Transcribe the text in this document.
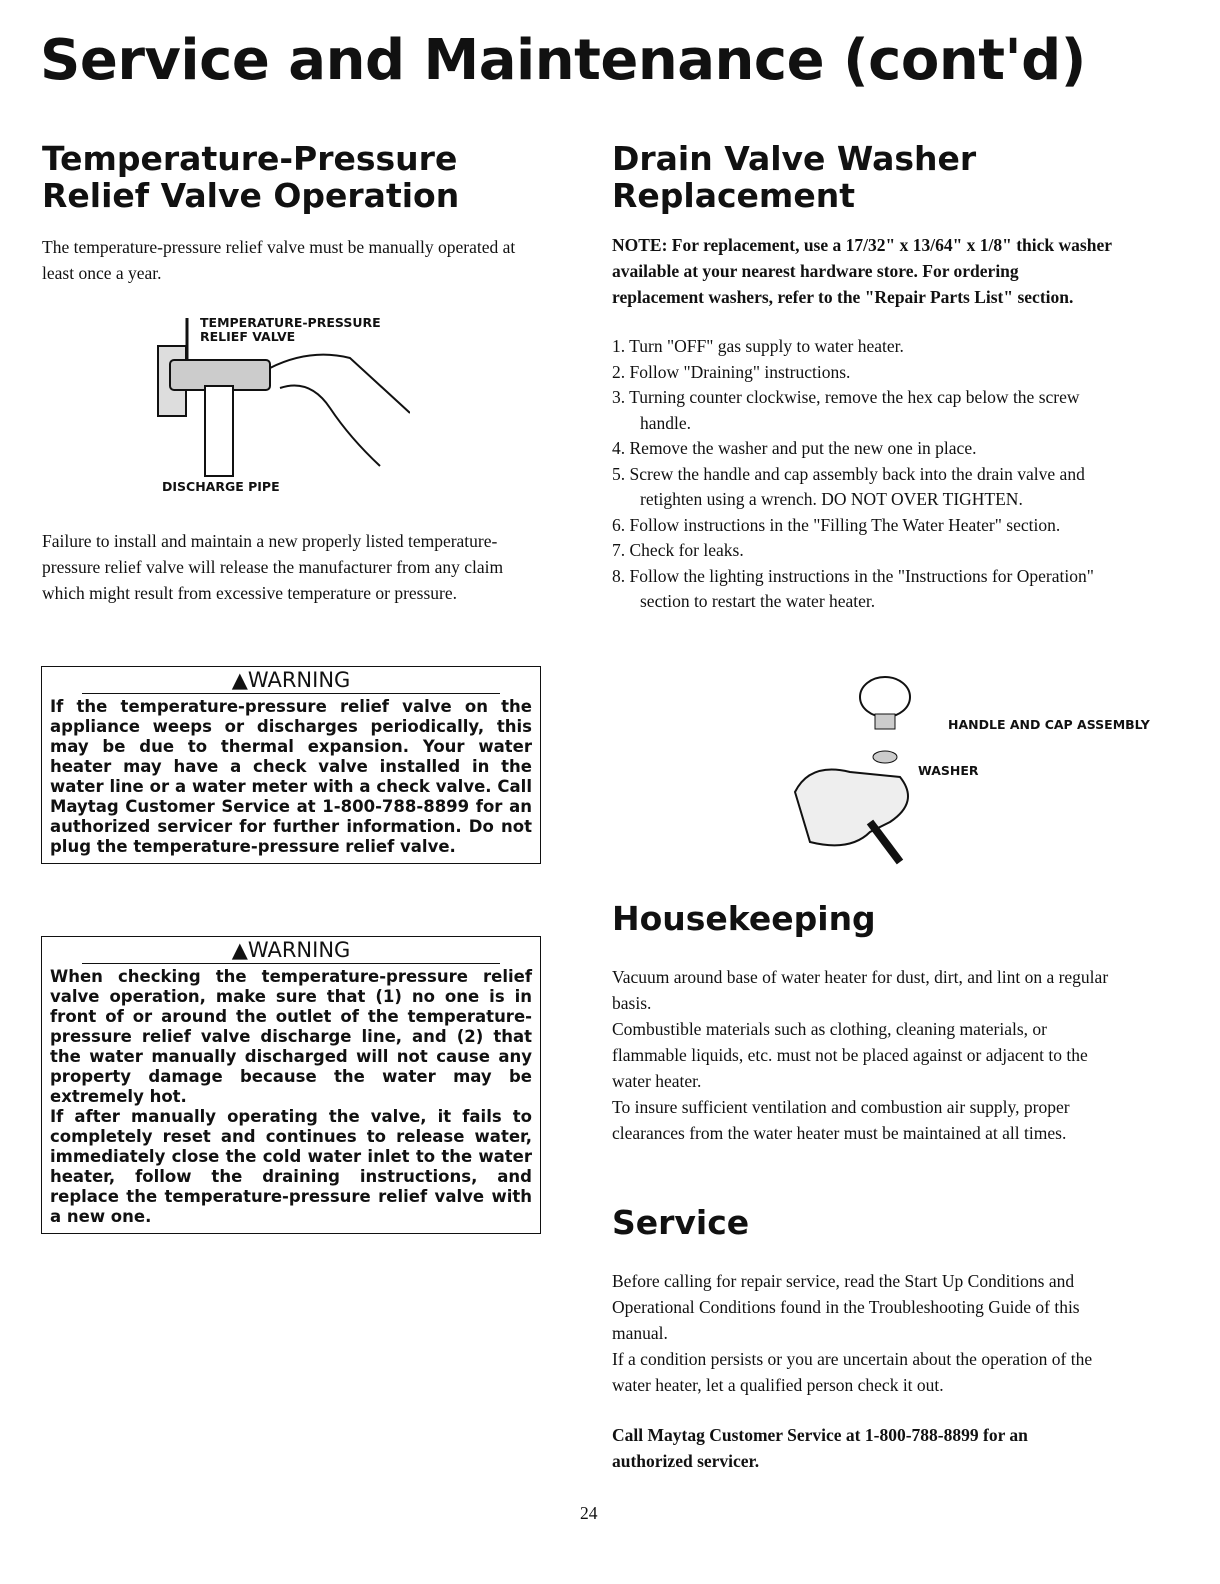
Service and Maintenance (cont'd)
Temperature-Pressure Relief Valve Operation

The temperature-pressure relief valve must be manually operated at least once a year.

TEMPERATURE-PRESSURE RELIEF VALVE
DISCHARGE PIPE

Failure to install and maintain a new properly listed temperature-pressure relief valve will release the manufacturer from any claim which might result from excessive temperature or pressure.

▲WARNING
If the temperature-pressure relief valve on the appliance weeps or discharges periodically, this may be due to thermal expansion. Your water heater may have a check valve installed in the water line or a water meter with a check valve. Call Maytag Customer Service at 1-800-788-8899 for an authorized servicer for further information. Do not plug the temperature-pressure relief valve.
▲WARNING
When checking the temperature-pressure relief valve operation, make sure that (1) no one is in front of or around the outlet of the temperature-pressure relief valve discharge line, and (2) that the water manually discharged will not cause any property damage because the water may be extremely hot.
If after manually operating the valve, it fails to completely reset and continues to release water, immediately close the cold water inlet to the water heater, follow the draining instructions, and replace the temperature-pressure relief valve with a new one.
Drain Valve Washer Replacement

NOTE: For replacement, use a 17/32" x 13/64" x 1/8" thick washer available at your nearest hardware store. For ordering replacement washers, refer to the "Repair Parts List" section.

1. Turn "OFF" gas supply to water heater.
2. Follow "Draining" instructions.
3. Turning counter clockwise, remove the hex cap below the screw handle.
4. Remove the washer and put the new one in place.
5. Screw the handle and cap assembly back into the drain valve and retighten using a wrench. DO NOT OVER TIGHTEN.
6. Follow instructions in the "Filling The Water Heater" section.
7. Check for leaks.
8. Follow the lighting instructions in the "Instructions for Operation" section to restart the water heater.
HANDLE AND CAP ASSEMBLY
WASHER
Housekeeping

Vacuum around base of water heater for dust, dirt, and lint on a regular basis.

Combustible materials such as clothing, cleaning materials, or flammable liquids, etc. must not be placed against or adjacent to the water heater.

To insure sufficient ventilation and combustion air supply, proper clearances from the water heater must be maintained at all times.

Service

Before calling for repair service, read the Start Up Conditions and Operational Conditions found in the Troubleshooting Guide of this manual.

If a condition persists or you are uncertain about the operation of the water heater, let a qualified person check it out.

Call Maytag Customer Service at 1-800-788-8899 for an authorized servicer.

24
